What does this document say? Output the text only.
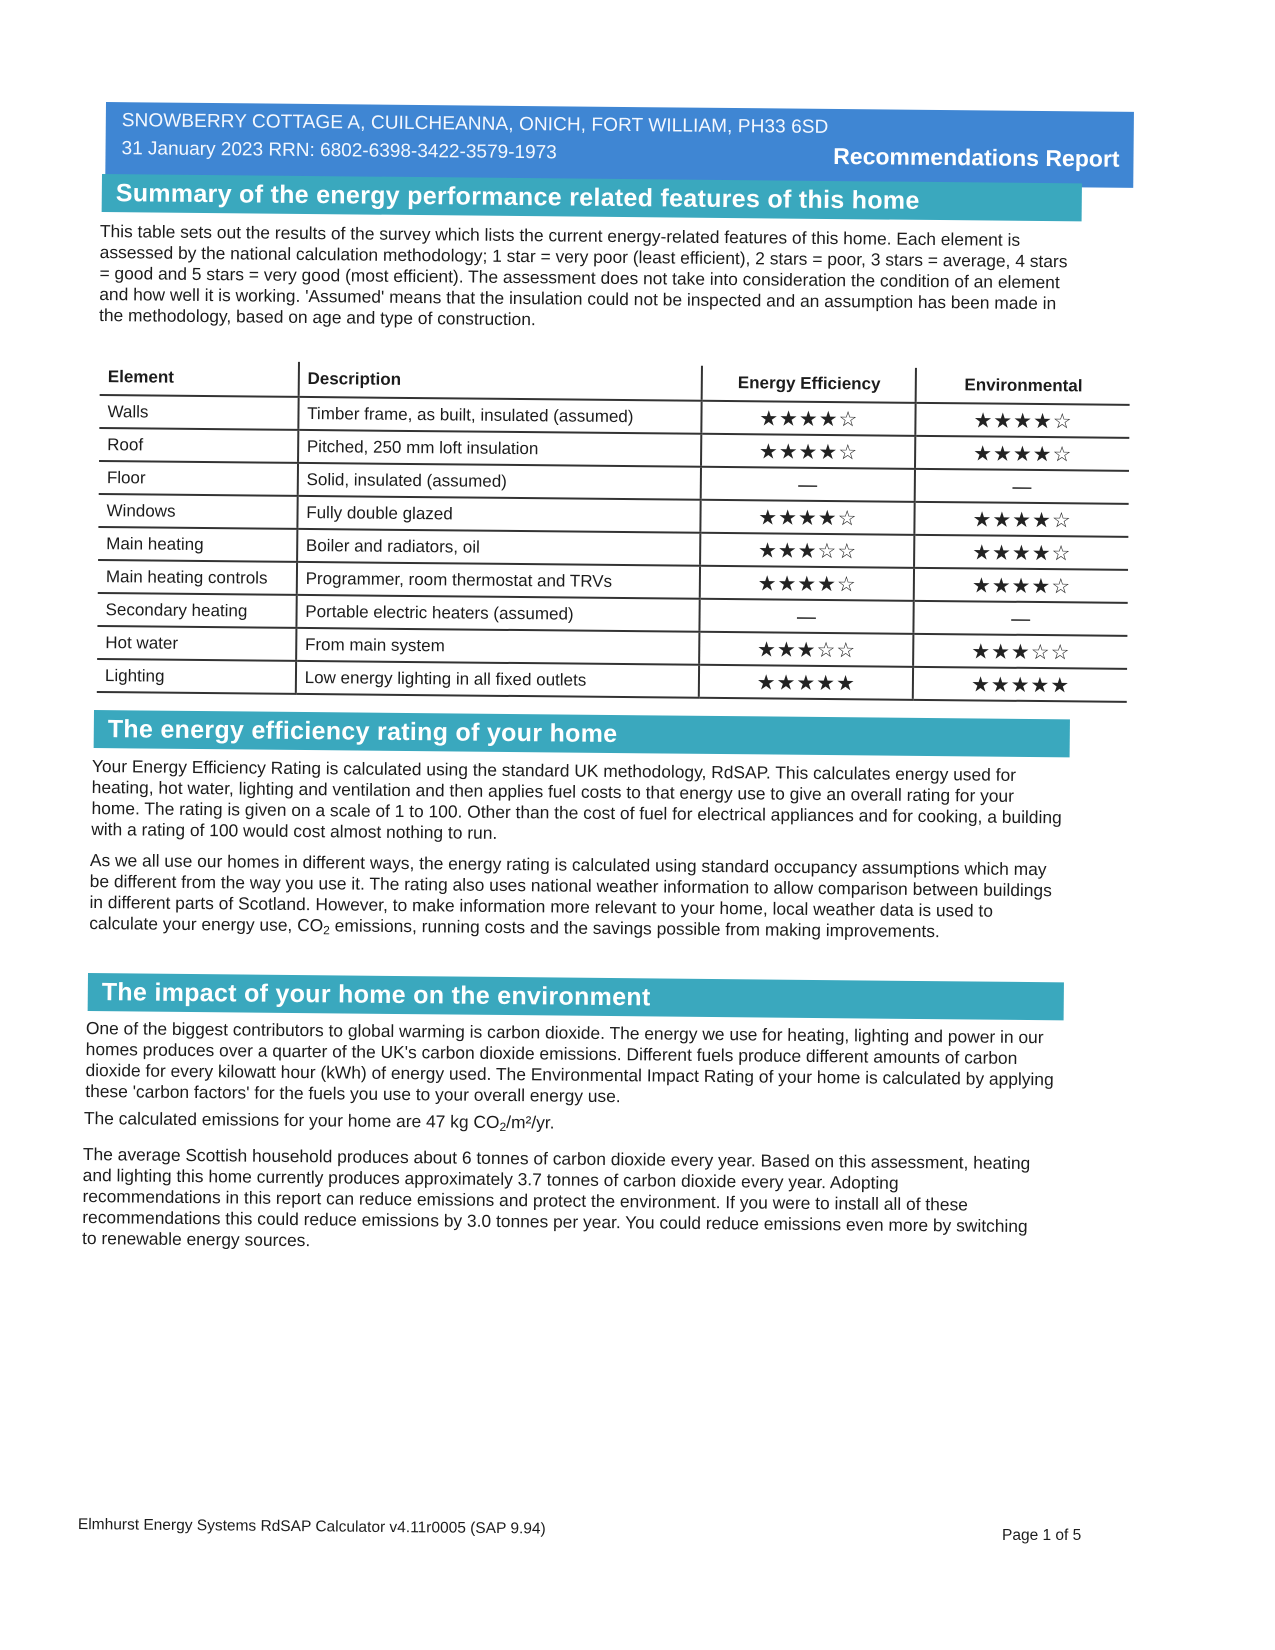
SNOWBERRY COTTAGE A, CUILCHEANNA, ONICH, FORT WILLIAM, PH33 6SD
31 January 2023 RRN: 6802-6398-3422-3579-1973	Recommendations Report
Summary of the energy performance related features of this home

This table sets out the results of the survey which lists the current energy-related features of this home. Each element is assessed by the national calculation methodology; 1 star = very poor (least efficient), 2 stars = poor, 3 stars = average, 4 stars = good and 5 stars = very good (most efficient). The assessment does not take into consideration the condition of an element and how well it is working. 'Assumed' means that the insulation could not be inspected and an assumption has been made in the methodology, based on age and type of construction.

Element	Description	Energy Efficiency	Environmental
Walls	Timber frame, as built, insulated (assumed)	★★★★☆	★★★★☆
Roof	Pitched, 250 mm loft insulation	★★★★☆	★★★★☆
Floor	Solid, insulated (assumed)	—	—
Windows	Fully double glazed	★★★★☆	★★★★☆
Main heating	Boiler and radiators, oil	★★★☆☆	★★★★☆
Main heating controls	Programmer, room thermostat and TRVs	★★★★☆	★★★★☆
Secondary heating	Portable electric heaters (assumed)	—	—
Hot water	From main system	★★★☆☆	★★★☆☆
Lighting	Low energy lighting in all fixed outlets	★★★★★	★★★★★
The energy efficiency rating of your home

Your Energy Efficiency Rating is calculated using the standard UK methodology, RdSAP. This calculates energy used for heating, hot water, lighting and ventilation and then applies fuel costs to that energy use to give an overall rating for your home. The rating is given on a scale of 1 to 100. Other than the cost of fuel for electrical appliances and for cooking, a building with a rating of 100 would cost almost nothing to run.

As we all use our homes in different ways, the energy rating is calculated using standard occupancy assumptions which may be different from the way you use it. The rating also uses national weather information to allow comparison between buildings in different parts of Scotland. However, to make information more relevant to your home, local weather data is used to calculate your energy use, $CO_2$ emissions, running costs and the savings possible from making improvements.

The impact of your home on the environment

One of the biggest contributors to global warming is carbon dioxide. The energy we use for heating, lighting and power in our homes produces over a quarter of the UK's carbon dioxide emissions. Different fuels produce different amounts of carbon dioxide for every kilowatt hour (kWh) of energy used. The Environmental Impact Rating of your home is calculated by applying these 'carbon factors' for the fuels you use to your overall energy use.

The calculated emissions for your home are 47 kg $CO_2/m^2/yr$.

The average Scottish household produces about 6 tonnes of carbon dioxide every year. Based on this assessment, heating and lighting this home currently produces approximately 3.7 tonnes of carbon dioxide every year. Adopting recommendations in this report can reduce emissions and protect the environment. If you were to install all of these recommendations this could reduce emissions by 3.0 tonnes per year. You could reduce emissions even more by switching to renewable energy sources.

Elmhurst Energy Systems RdSAP Calculator v4.11r0005 (SAP 9.94)	Page 1 of 5
